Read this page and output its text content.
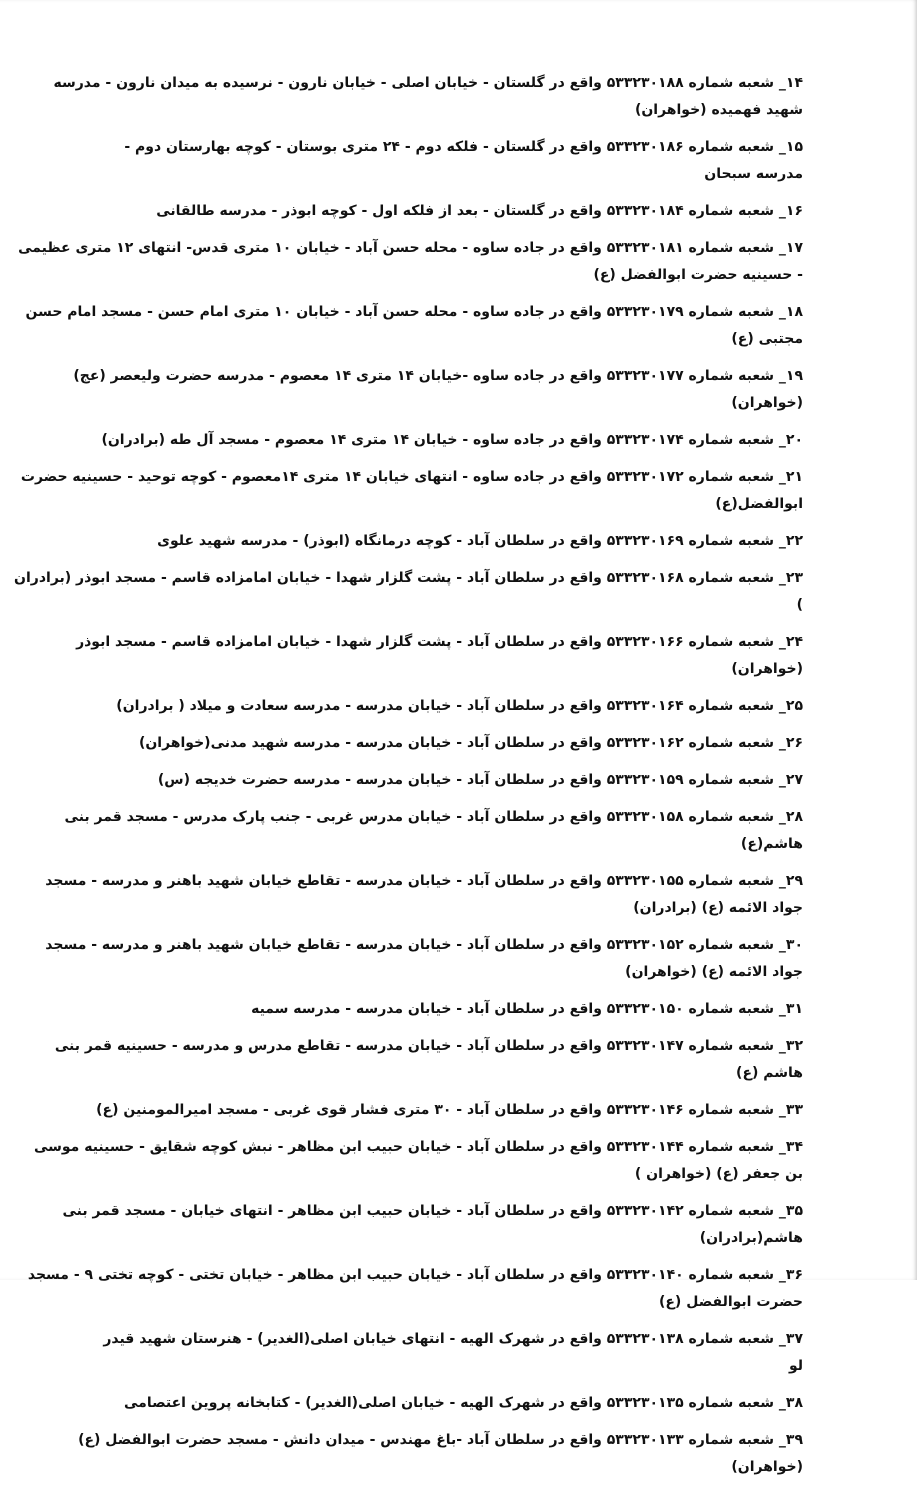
۱۴_ شعبه شماره ۵۳۳۲۳۰۱۸۸ واقع در گلستان - خیابان اصلی - خیابان نارون - نرسیده به میدان نارون - مدرسه شهید فهمیده (خواهران)
۱۵_ شعبه شماره ۵۳۳۲۳۰۱۸۶ واقع در گلستان - فلکه دوم - ۲۴ متری بوستان - کوچه بهارستان دوم - مدرسه سبحان
۱۶_ شعبه شماره ۵۳۳۲۳۰۱۸۴ واقع در گلستان - بعد از فلکه اول - کوچه ابوذر - مدرسه طالقانی
۱۷_ شعبه شماره ۵۳۳۲۳۰۱۸۱ واقع در جاده ساوه - محله حسن آباد - خیابان ۱۰ متری قدس- انتهای ۱۲ متری عظیمی - حسینیه حضرت ابوالفضل (ع)
۱۸_ شعبه شماره ۵۳۳۲۳۰۱۷۹ واقع در جاده ساوه - محله حسن آباد - خیابان ۱۰ متری امام حسن - مسجد امام حسن مجتبی (ع)
۱۹_ شعبه شماره ۵۳۳۲۳۰۱۷۷ واقع در جاده ساوه -خیابان ۱۴ متری ۱۴ معصوم - مدرسه حضرت ولیعصر (عج)(خواهران)
۲۰_ شعبه شماره ۵۳۳۲۳۰۱۷۴ واقع در جاده ساوه - خیابان ۱۴ متری ۱۴ معصوم - مسجد آل طه (برادران)
۲۱_ شعبه شماره ۵۳۳۲۳۰۱۷۲ واقع در جاده ساوه - انتهای خیابان ۱۴ متری ۱۴معصوم - کوچه توحید - حسینیه حضرت ابوالفضل(ع)
۲۲_ شعبه شماره ۵۳۳۲۳۰۱۶۹ واقع در سلطان آباد - کوچه درمانگاه (ابوذر) - مدرسه شهید علوی
۲۳_ شعبه شماره ۵۳۳۲۳۰۱۶۸ واقع در سلطان آباد - پشت گلزار شهدا - خیابان امامزاده قاسم - مسجد ابوذر (برادران )
۲۴_ شعبه شماره ۵۳۳۲۳۰۱۶۶ واقع در سلطان آباد - پشت گلزار شهدا - خیابان امامزاده قاسم - مسجد ابوذر (خواهران)
۲۵_ شعبه شماره ۵۳۳۲۳۰۱۶۴ واقع در سلطان آباد - خیابان مدرسه - مدرسه سعادت و میلاد ( برادران)
۲۶_ شعبه شماره ۵۳۳۲۳۰۱۶۲ واقع در سلطان آباد - خیابان مدرسه - مدرسه شهید مدنی(خواهران)
۲۷_ شعبه شماره ۵۳۳۲۳۰۱۵۹ واقع در سلطان آباد - خیابان مدرسه - مدرسه حضرت خدیجه (س)
۲۸_ شعبه شماره ۵۳۳۲۳۰۱۵۸ واقع در سلطان آباد - خیابان مدرس غربی - جنب پارک مدرس - مسجد قمر بنی هاشم(ع)
۲۹_ شعبه شماره ۵۳۳۲۳۰۱۵۵ واقع در سلطان آباد - خیابان مدرسه - تقاطع خیابان شهید باهنر و مدرسه - مسجد جواد الائمه (ع) (برادران)
۳۰_ شعبه شماره ۵۳۳۲۳۰۱۵۲ واقع در سلطان آباد - خیابان مدرسه - تقاطع خیابان شهید باهنر و مدرسه - مسجد جواد الائمه (ع) (خواهران)
۳۱_ شعبه شماره ۵۳۳۲۳۰۱۵۰ واقع در سلطان آباد - خیابان مدرسه - مدرسه سمیه
۳۲_ شعبه شماره ۵۳۳۲۳۰۱۴۷ واقع در سلطان آباد - خیابان مدرسه - تقاطع مدرس و مدرسه - حسینیه قمر بنی هاشم (ع)
۳۳_ شعبه شماره ۵۳۳۲۳۰۱۴۶ واقع در سلطان آباد - ۳۰ متری فشار قوی غربی - مسجد امیرالمومنین (ع)
۳۴_ شعبه شماره ۵۳۳۲۳۰۱۴۴ واقع در سلطان آباد - خیابان حبیب ابن مظاهر - نبش کوچه شقایق - حسینیه موسی بن جعفر (ع) (خواهران )
۳۵_ شعبه شماره ۵۳۳۲۳۰۱۴۲ واقع در سلطان آباد - خیابان حبیب ابن مظاهر - انتهای خیابان - مسجد قمر بنی هاشم(برادران)
۳۶_ شعبه شماره ۵۳۳۲۳۰۱۴۰ واقع در سلطان آباد - خیابان حبیب ابن مظاهر - خیابان تختی - کوچه تختی ۹ - مسجد حضرت ابوالفضل (ع)
۳۷_ شعبه شماره ۵۳۳۲۳۰۱۳۸ واقع در شهرک الهیه - انتهای خیابان اصلی(الغدیر) - هنرستان شهید قیدر لو
۳۸_ شعبه شماره ۵۳۳۲۳۰۱۳۵ واقع در شهرک الهیه - خیابان اصلی(الغدیر) - کتابخانه پروین اعتصامی
۳۹_ شعبه شماره ۵۳۳۲۳۰۱۳۳ واقع در سلطان آباد -باغ مهندس - میدان دانش - مسجد حضرت ابوالفضل (ع) (خواهران)
